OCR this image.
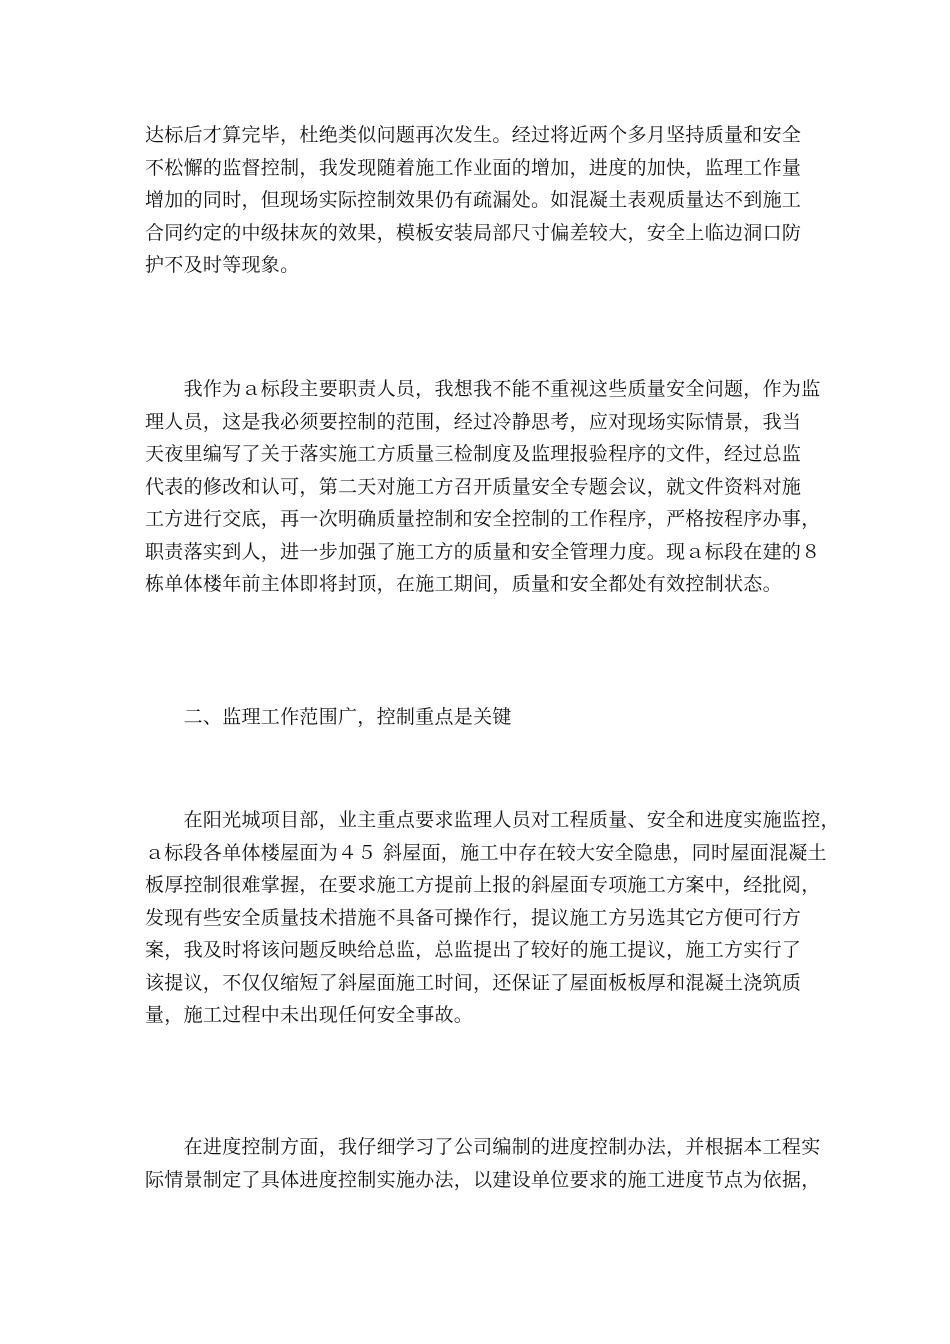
达标后才算完毕，杜绝类似问题再次发生。经过将近两个多月坚持质量和安全
不松懈的监督控制，我发现随着施工作业面的增加，进度的加快，监理工作量
增加的同时，但现场实际控制效果仍有疏漏处。如混凝土表观质量达不到施工
合同约定的中级抹灰的效果，模板安装局部尺寸偏差较大，安全上临边洞口防
护不及时等现象。

　　我作为ａ标段主要职责人员，我想我不能不重视这些质量安全问题，作为监
理人员，这是我必须要控制的范围，经过冷静思考，应对现场实际情景，我当
天夜里编写了关于落实施工方质量三检制度及监理报验程序的文件，经过总监
代表的修改和认可，第二天对施工方召开质量安全专题会议，就文件资料对施
工方进行交底，再一次明确质量控制和安全控制的工作程序，严格按程序办事，
职责落实到人，进一步加强了施工方的质量和安全管理力度。现ａ标段在建的８
栋单体楼年前主体即将封顶，在施工期间，质量和安全都处有效控制状态。

　　二、监理工作范围广，控制重点是关键

　　在阳光城项目部，业主重点要求监理人员对工程质量、安全和进度实施监控，
ａ标段各单体楼屋面为４５ 斜屋面，施工中存在较大安全隐患，同时屋面混凝土
板厚控制很难掌握，在要求施工方提前上报的斜屋面专项施工方案中，经批阅，
发现有些安全质量技术措施不具备可操作行，提议施工方另选其它方便可行方
案，我及时将该问题反映给总监，总监提出了较好的施工提议，施工方实行了
该提议，不仅仅缩短了斜屋面施工时间，还保证了屋面板板厚和混凝土浇筑质
量，施工过程中未出现任何安全事故。

　　在进度控制方面，我仔细学习了公司编制的进度控制办法，并根据本工程实
际情景制定了具体进度控制实施办法，以建设单位要求的施工进度节点为依据，
